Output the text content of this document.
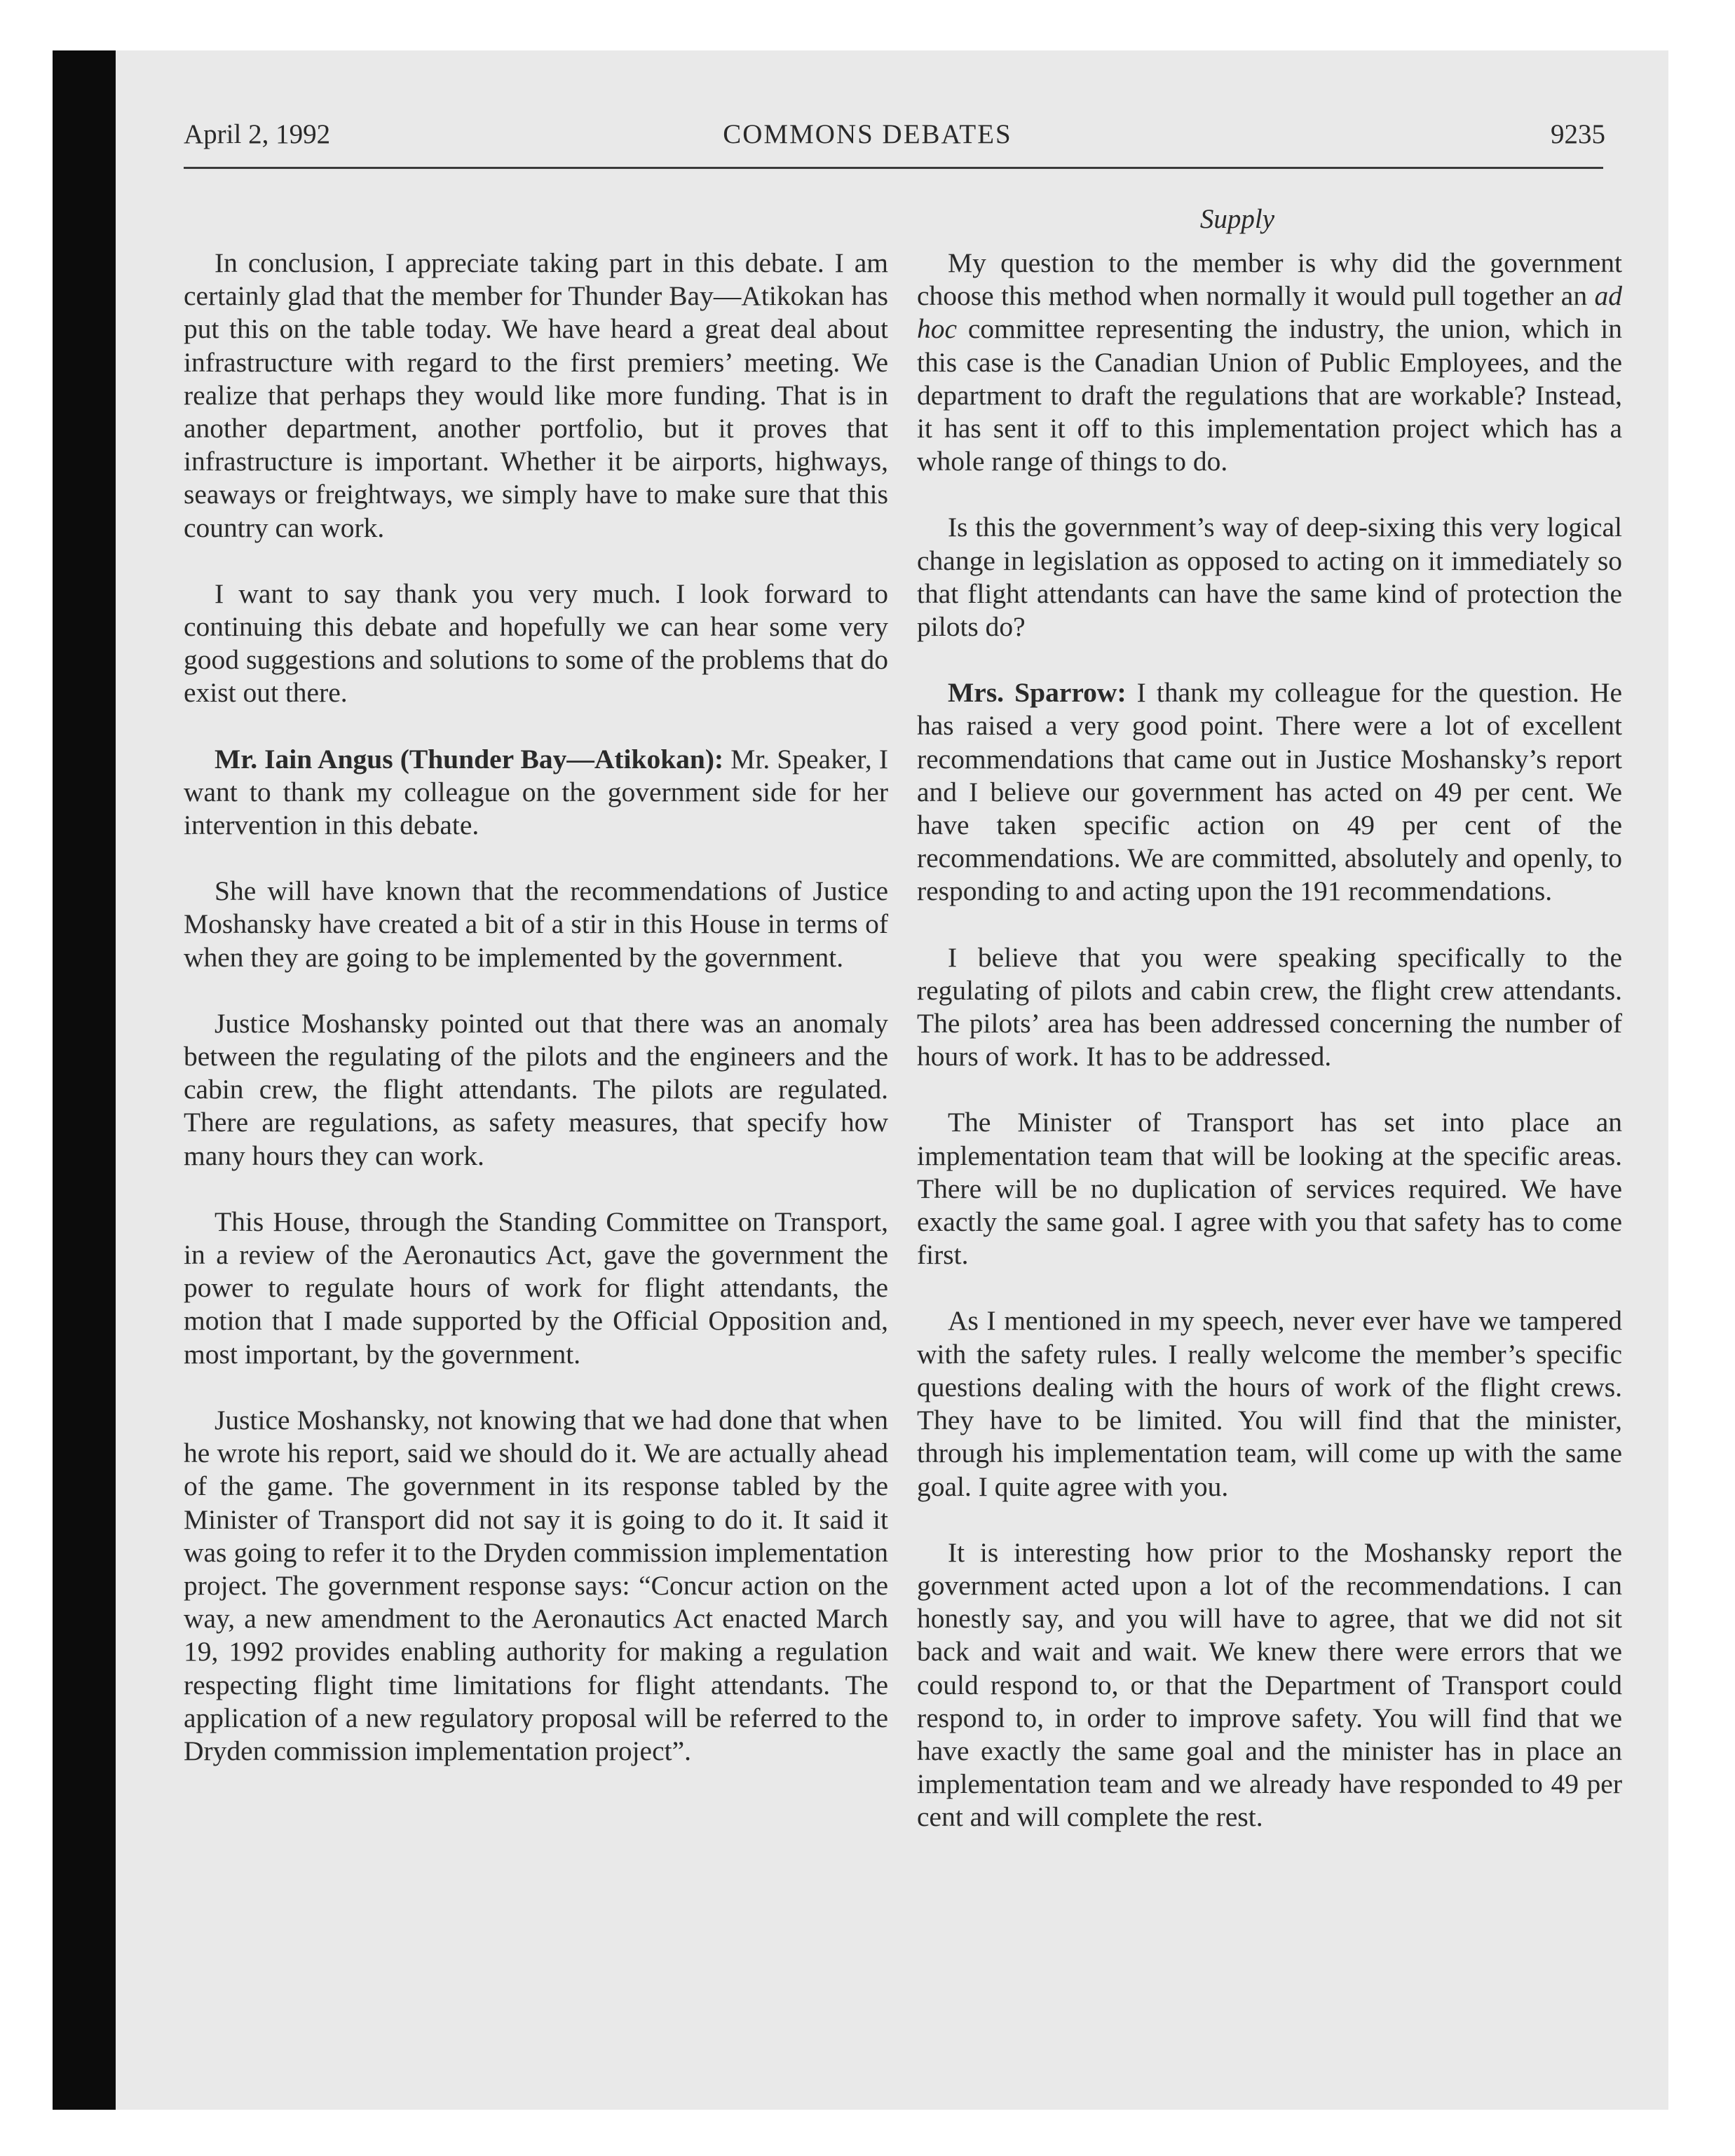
April 2, 1992	COMMONS DEBATES	9235
Supply

In conclusion, I appreciate taking part in this debate. I am certainly glad that the member for Thunder Bay—Atikokan has put this on the table today. We have heard a great deal about infrastructure with regard to the first premiers’ meeting. We realize that perhaps they would like more funding. That is in another department, another portfolio, but it proves that infrastructure is important. Whether it be airports, highways, seaways or freightways, we simply have to make sure that this country can work.

I want to say thank you very much. I look forward to continuing this debate and hopefully we can hear some very good suggestions and solutions to some of the problems that do exist out there.

Mr. Iain Angus (Thunder Bay—Atikokan): Mr. Speaker, I want to thank my colleague on the government side for her intervention in this debate.

She will have known that the recommendations of Justice Moshansky have created a bit of a stir in this House in terms of when they are going to be implemented by the government.

Justice Moshansky pointed out that there was an anomaly between the regulating of the pilots and the engineers and the cabin crew, the flight attendants. The pilots are regulated. There are regulations, as safety measures, that specify how many hours they can work.

This House, through the Standing Committee on Transport, in a review of the Aeronautics Act, gave the government the power to regulate hours of work for flight attendants, the motion that I made supported by the Official Opposition and, most important, by the government.

Justice Moshansky, not knowing that we had done that when he wrote his report, said we should do it. We are actually ahead of the game. The government in its response tabled by the Minister of Transport did not say it is going to do it. It said it was going to refer it to the Dryden commission implementation project. The government response says: “Concur action on the way, a new amendment to the Aeronautics Act enacted March 19, 1992 provides enabling authority for making a regulation respecting flight time limitations for flight attendants. The application of a new regulatory proposal will be referred to the Dryden commission implementation project”.

My question to the member is why did the government choose this method when normally it would pull together an ad hoc committee representing the industry, the union, which in this case is the Canadian Union of Public Employees, and the department to draft the regulations that are workable? Instead, it has sent it off to this implementation project which has a whole range of things to do.

Is this the government’s way of deep-sixing this very logical change in legislation as opposed to acting on it immediately so that flight attendants can have the same kind of protection the pilots do?

Mrs. Sparrow: I thank my colleague for the question. He has raised a very good point. There were a lot of excellent recommendations that came out in Justice Moshansky’s report and I believe our government has acted on 49 per cent. We have taken specific action on 49 per cent of the recommendations. We are committed, absolutely and openly, to responding to and acting upon the 191 recommendations.

I believe that you were speaking specifically to the regulating of pilots and cabin crew, the flight crew attendants. The pilots’ area has been addressed concerning the number of hours of work. It has to be addressed.

The Minister of Transport has set into place an implementation team that will be looking at the specific areas. There will be no duplication of services required. We have exactly the same goal. I agree with you that safety has to come first.

As I mentioned in my speech, never ever have we tampered with the safety rules. I really welcome the member’s specific questions dealing with the hours of work of the flight crews. They have to be limited. You will find that the minister, through his implementation team, will come up with the same goal. I quite agree with you.

It is interesting how prior to the Moshansky report the government acted upon a lot of the recommendations. I can honestly say, and you will have to agree, that we did not sit back and wait and wait. We knew there were errors that we could respond to, or that the Department of Transport could respond to, in order to improve safety. You will find that we have exactly the same goal and the minister has in place an implementation team and we already have responded to 49 per cent and will complete the rest.
